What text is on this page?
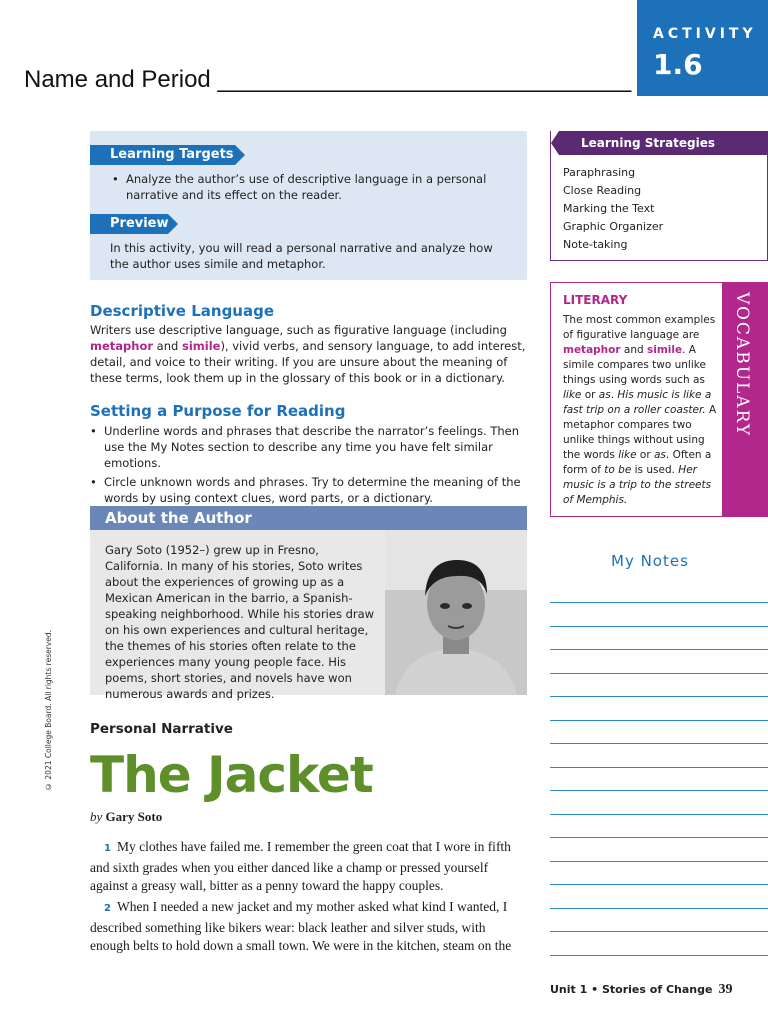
Name and Period _______________________________
ACTIVITY
1.6
Learning Targets
• Analyze the author’s use of descriptive language in a personal narrative and its effect on the reader.
Preview
In this activity, you will read a personal narrative and analyze how the author uses simile and metaphor.
Descriptive Language
Writers use descriptive language, such as figurative language (including metaphor and simile), vivid verbs, and sensory language, to add interest, detail, and voice to their writing. If you are unsure about the meaning of these terms, look them up in the glossary of this book or in a dictionary.
Setting a Purpose for Reading
• Underline words and phrases that describe the narrator’s feelings. Then use the My Notes section to describe any time you have felt similar emotions.
• Circle unknown words and phrases. Try to determine the meaning of the words by using context clues, word parts, or a dictionary.
About the Author
Gary Soto (1952–) grew up in Fresno, California. In many of his stories, Soto writes about the experiences of growing up as a Mexican American in the barrio, a Spanish-speaking neighborhood. While his stories draw on his own experiences and cultural heritage, the themes of his stories often relate to the experiences many young people face. His poems, short stories, and novels have won numerous awards and prizes.
Personal Narrative
The Jacket
by Gary Soto
1 My clothes have failed me. I remember the green coat that I wore in fifth and sixth grades when you either danced like a champ or pressed yourself against a greasy wall, bitter as a penny toward the happy couples.
2 When I needed a new jacket and my mother asked what kind I wanted, I described something like bikers wear: black leather and silver studs, with enough belts to hold down a small town. We were in the kitchen, steam on the
Learning Strategies
Paraphrasing
Close Reading
Marking the Text
Graphic Organizer
Note-taking
LITERARY
The most common examples of figurative language are metaphor and simile. A simile compares two unlike things using words such as like or as. His music is like a fast trip on a roller coaster. A metaphor compares two unlike things without using the words like or as. Often a form of to be is used. Her music is a trip to the streets of Memphis.
VOCABULARY
My Notes
© 2021 College Board. All rights reserved.
Unit 1 • Stories of Change 39
